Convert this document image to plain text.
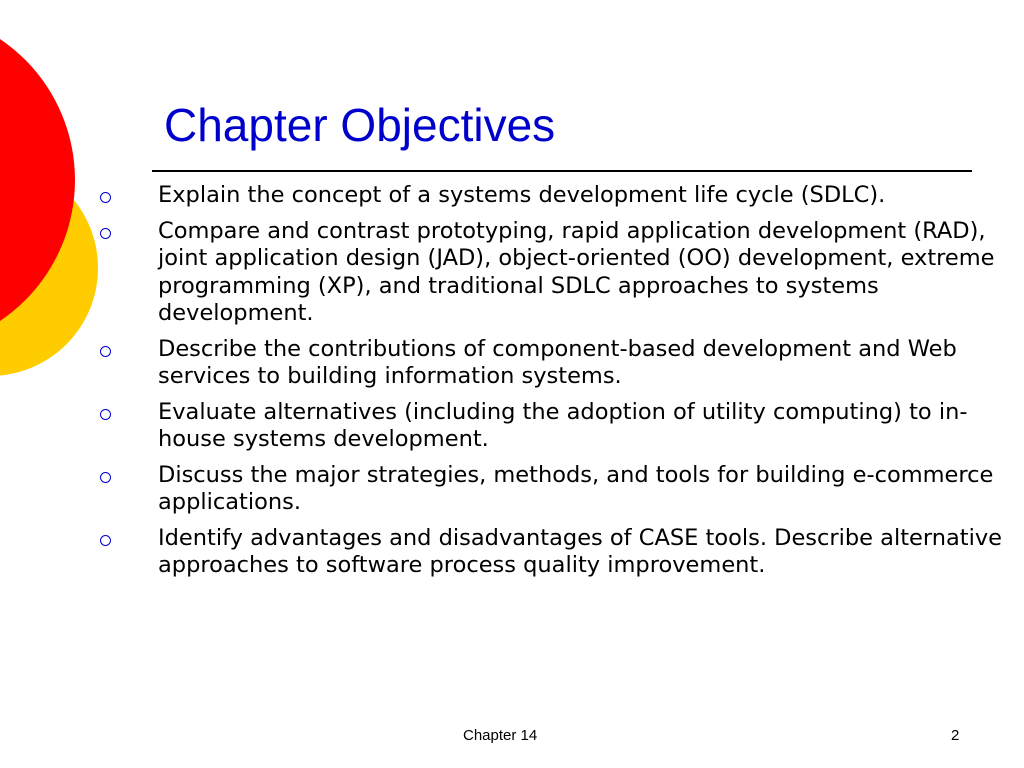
Chapter Objectives
Explain the concept of a systems development life cycle (SDLC).
Compare and contrast prototyping, rapid application development (RAD), joint application design (JAD), object-oriented (OO) development, extreme programming (XP), and traditional SDLC approaches to systems development.
Describe the contributions of component-based development and Web services to building information systems.
Evaluate alternatives (including the adoption of utility computing) to in-house systems development.
Discuss the major strategies, methods, and tools for building e-commerce applications.
Identify advantages and disadvantages of CASE tools. Describe alternative approaches to software process quality improvement.
Chapter 14	2
